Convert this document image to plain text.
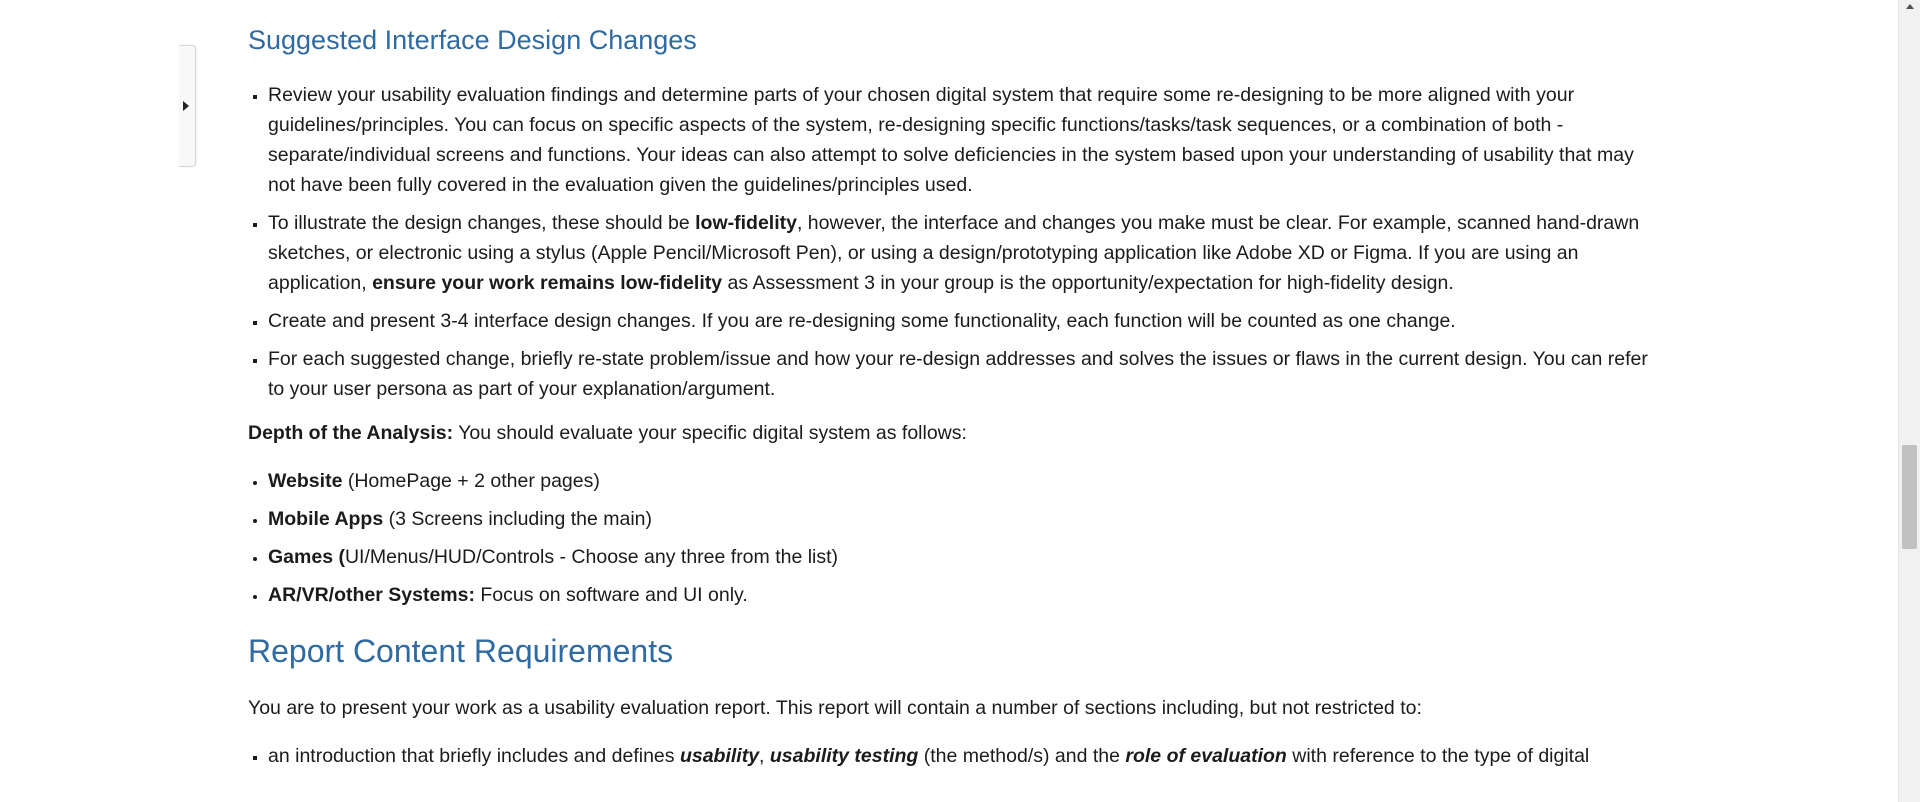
Suggested Interface Design Changes
▪ Review your usability evaluation findings and determine parts of your chosen digital system that require some re-designing to be more aligned with your guidelines/principles. You can focus on specific aspects of the system, re-designing specific functions/tasks/task sequences, or a combination of both - separate/individual screens and functions. Your ideas can also attempt to solve deficiencies in the system based upon your understanding of usability that may not have been fully covered in the evaluation given the guidelines/principles used.
▪ To illustrate the design changes, these should be low-fidelity, however, the interface and changes you make must be clear. For example, scanned hand-drawn sketches, or electronic using a stylus (Apple Pencil/Microsoft Pen), or using a design/prototyping application like Adobe XD or Figma. If you are using an application, ensure your work remains low-fidelity as Assessment 3 in your group is the opportunity/expectation for high-fidelity design.
▪ Create and present 3-4 interface design changes. If you are re-designing some functionality, each function will be counted as one change.
▪ For each suggested change, briefly re-state problem/issue and how your re-design addresses and solves the issues or flaws in the current design. You can refer to your user persona as part of your explanation/argument.

Depth of the Analysis: You should evaluate your specific digital system as follows:

• Website (HomePage + 2 other pages)
• Mobile Apps (3 Screens including the main)
• Games (UI/Menus/HUD/Controls - Choose any three from the list)
• AR/VR/other Systems: Focus on software and UI only.
Report Content Requirements

You are to present your work as a usability evaluation report. This report will contain a number of sections including, but not restricted to:

▪ an introduction that briefly includes and defines usability, usability testing (the method/s) and the role of evaluation with reference to the type of digital
